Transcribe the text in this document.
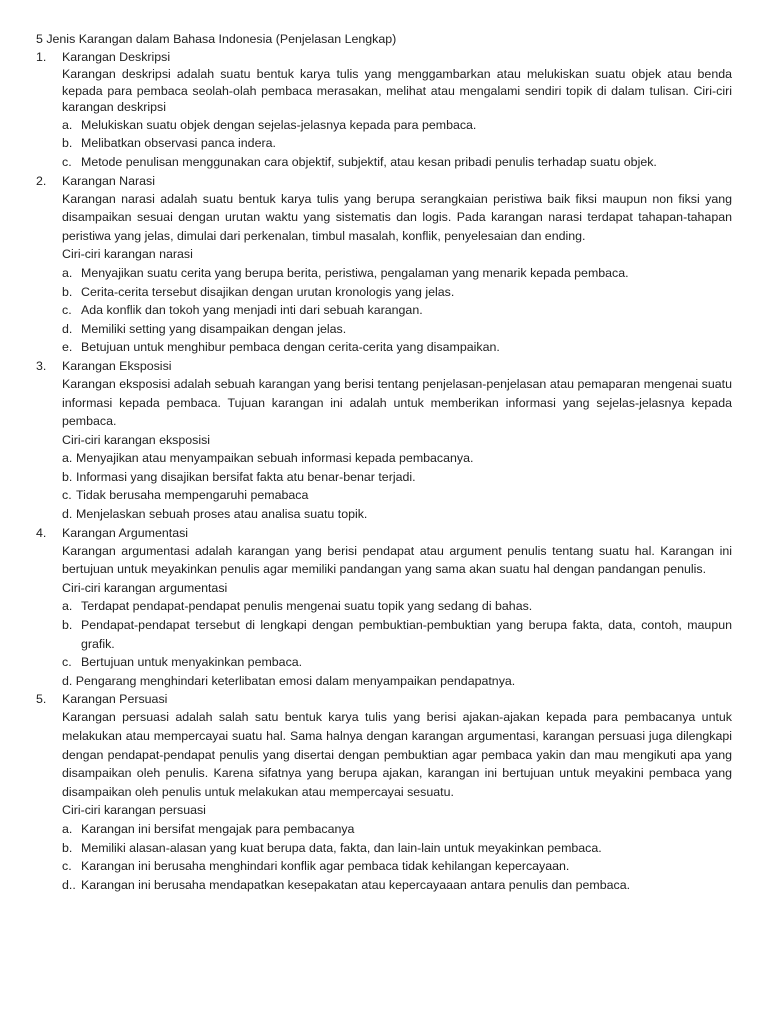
5 Jenis Karangan dalam Bahasa Indonesia (Penjelasan Lengkap)
1.	Karangan Deskripsi

Karangan deskripsi adalah suatu bentuk karya tulis yang menggambarkan atau melukiskan suatu objek atau benda kepada para pembaca seolah-olah pembaca merasakan, melihat atau mengalami sendiri topik di dalam tulisan. Ciri-ciri karangan deskripsi

a. Melukiskan suatu objek dengan sejelas-jelasnya kepada para pembaca.
b. Melibatkan observasi panca indera.
c. Metode penulisan menggunakan cara objektif, subjektif, atau kesan pribadi penulis terhadap suatu objek.
2.	Karangan Narasi

Karangan narasi adalah suatu bentuk karya tulis yang berupa serangkaian peristiwa baik fiksi maupun non fiksi yang disampaikan sesuai dengan urutan waktu yang sistematis dan logis. Pada karangan narasi terdapat tahapan-tahapan peristiwa yang jelas, dimulai dari perkenalan, timbul masalah, konflik, penyelesaian dan ending.

Ciri-ciri karangan narasi
a. Menyajikan suatu cerita yang berupa berita, peristiwa, pengalaman yang menarik kepada pembaca.
b. Cerita-cerita tersebut disajikan dengan urutan kronologis yang jelas.
c. Ada konflik dan tokoh yang menjadi inti dari sebuah karangan.
d. Memiliki setting yang disampaikan dengan jelas.
e. Betujuan untuk menghibur pembaca dengan cerita-cerita yang disampaikan.
3.	Karangan Eksposisi

Karangan eksposisi adalah sebuah karangan yang berisi tentang penjelasan-penjelasan atau pemaparan mengenai suatu informasi kepada pembaca. Tujuan karangan ini adalah untuk memberikan informasi yang sejelas-jelasnya kepada pembaca.

Ciri-ciri karangan eksposisi
a. Menyajikan atau menyampaikan sebuah informasi kepada pembacanya.
b. Informasi yang disajikan bersifat fakta atu benar-benar terjadi.
c. Tidak berusaha mempengaruhi pemabaca
d. Menjelaskan sebuah proses atau analisa suatu topik.
4.	Karangan Argumentasi

Karangan argumentasi adalah karangan yang berisi pendapat atau argument penulis tentang suatu hal. Karangan ini bertujuan untuk meyakinkan penulis agar memiliki pandangan yang sama akan suatu hal dengan pandangan penulis.

Ciri-ciri karangan argumentasi
a. Terdapat pendapat-pendapat penulis mengenai suatu topik yang sedang di bahas.
b. Pendapat-pendapat tersebut di lengkapi dengan pembuktian-pembuktian yang berupa fakta, data, contoh, maupun grafik.
c. Bertujuan untuk menyakinkan pembaca.
d. Pengarang menghindari keterlibatan emosi dalam menyampaikan pendapatnya.
5.	Karangan Persuasi

Karangan persuasi adalah salah satu bentuk karya tulis yang berisi ajakan-ajakan kepada para pembacanya untuk melakukan atau mempercayai suatu hal. Sama halnya dengan karangan argumentasi, karangan persuasi juga dilengkapi dengan pendapat-pendapat penulis yang disertai dengan pembuktian agar pembaca yakin dan mau mengikuti apa yang disampaikan oleh penulis. Karena sifatnya yang berupa ajakan, karangan ini bertujuan untuk meyakini pembaca yang disampaikan oleh penulis untuk melakukan atau mempercayai sesuatu.

Ciri-ciri karangan persuasi
a. Karangan ini bersifat mengajak para pembacanya
b. Memiliki alasan-alasan yang kuat berupa data, fakta, dan lain-lain untuk meyakinkan pembaca.
c. Karangan ini berusaha menghindari konflik agar pembaca tidak kehilangan kepercayaan.
d.. Karangan ini berusaha mendapatkan kesepakatan atau kepercayaaan antara penulis dan pembaca.
